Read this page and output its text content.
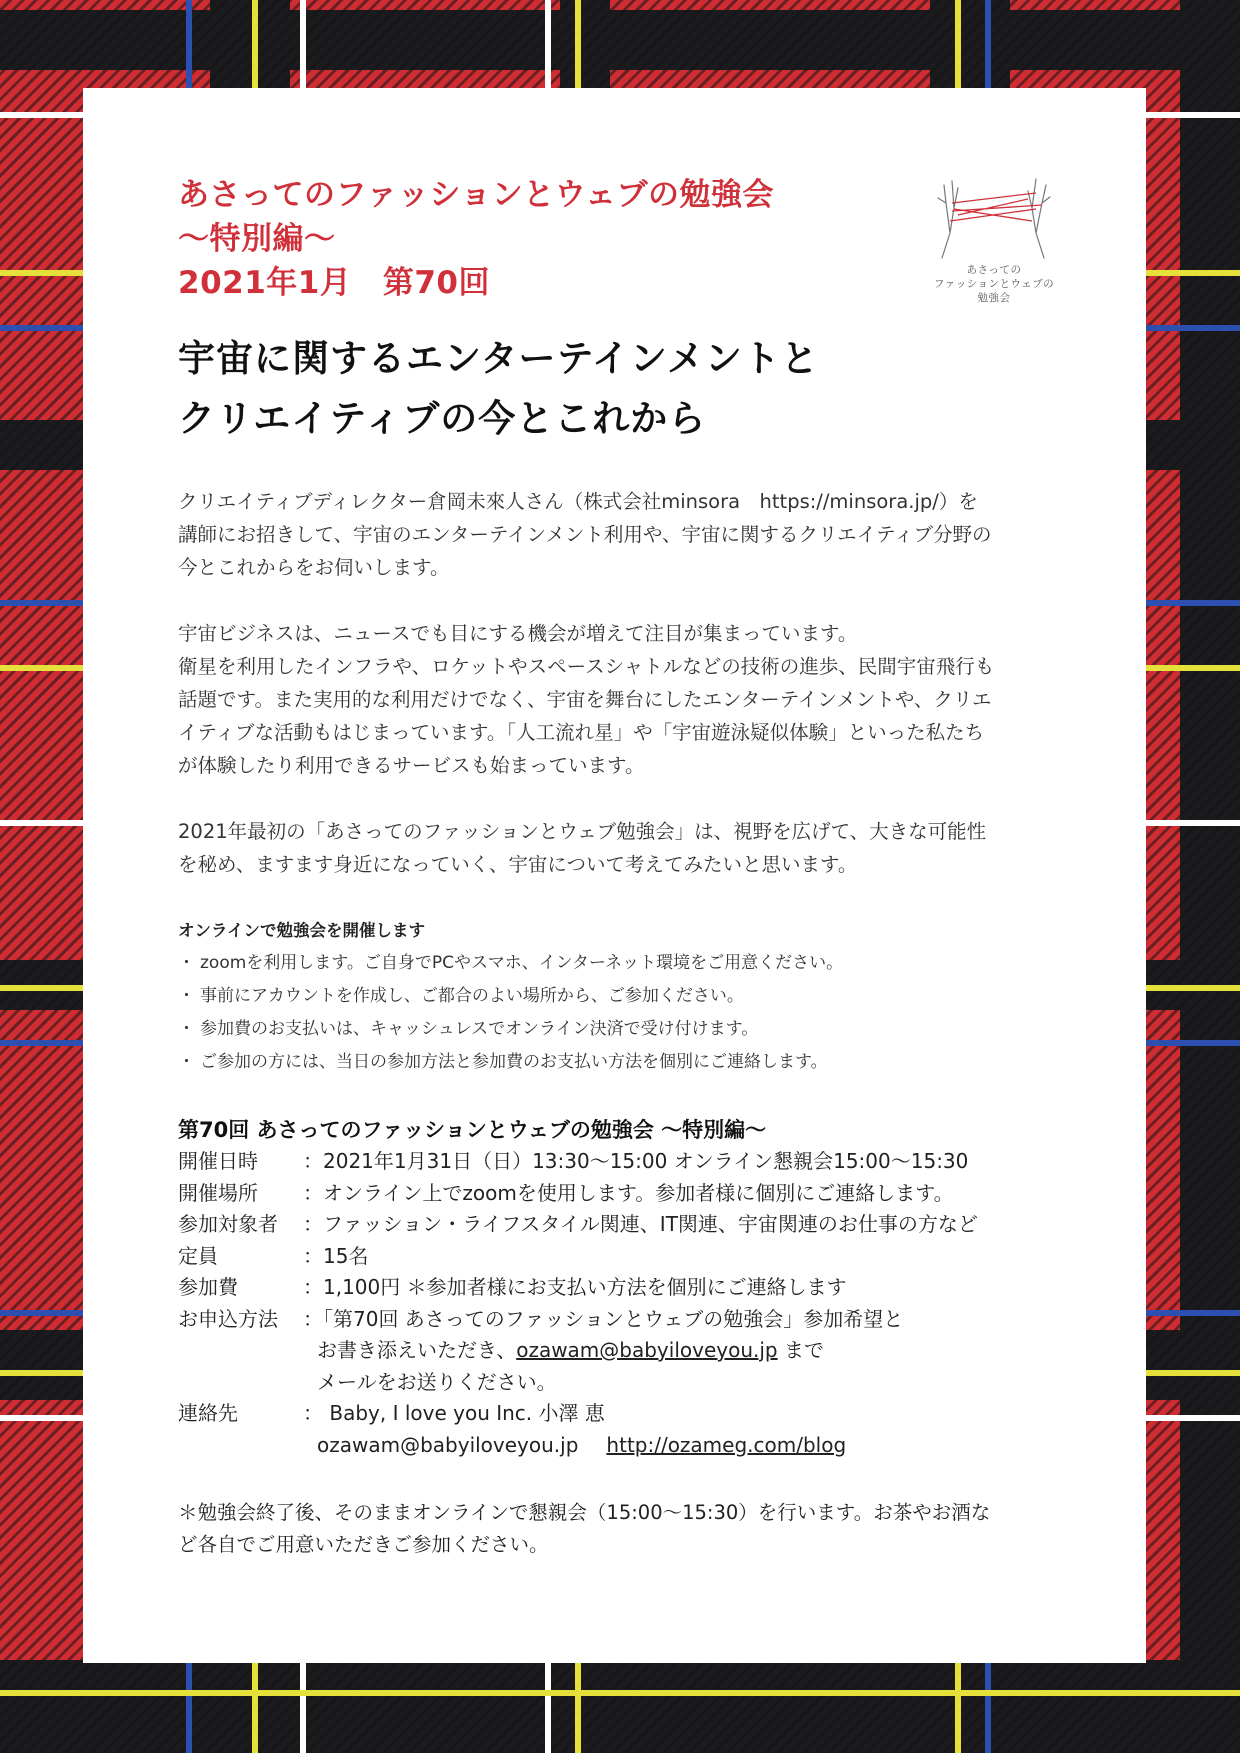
あさっての
ファッションとウェブの
勉強会
あさってのファッションとウェブの勉強会
〜特別編〜
2021年1月　第70回
宇宙に関するエンターテインメントと
クリエイティブの今とこれから

クリエイティブディレクター倉岡未來人さん（株式会社minsora　https://minsora.jp/）を

講師にお招きして、宇宙のエンターテインメント利用や、宇宙に関するクリエイティブ分野の

今とこれからをお伺いします。

宇宙ビジネスは、ニュースでも目にする機会が増えて注目が集まっています。

衛星を利用したインフラや、ロケットやスペースシャトルなどの技術の進歩、民間宇宙飛行も

話題です。また実用的な利用だけでなく、宇宙を舞台にしたエンターテインメントや、クリエ

イティブな活動もはじまっています。「人工流れ星」や「宇宙遊泳疑似体験」といった私たち

が体験したり利用できるサービスも始まっています。

2021年最初の「あさってのファッションとウェブ勉強会」は、視野を広げて、大きな可能性

を秘め、ますます身近になっていく、宇宙について考えてみたいと思います。

オンラインで勉強会を開催します
・ zoomを利用します。ご自身でPCやスマホ、インターネット環境をご用意ください。
・ 事前にアカウントを作成し、ご都合のよい場所から、ご参加ください。
・ 参加費のお支払いは、キャッシュレスでオンライン決済で受け付けます。
・ ご参加の方には、当日の参加方法と参加費のお支払い方法を個別にご連絡します。
第70回 あさってのファッションとウェブの勉強会 〜特別編〜
開催日時	：2021年1月31日（日）13:30〜15:00 オンライン懇親会15:00〜15:30
開催場所	：オンライン上でzoomを使用します。参加者様に個別にご連絡します。
参加対象者	：ファッション・ライフスタイル関連、IT関連、宇宙関連のお仕事の方など
定員	：15名
参加費	：1,100円 ＊参加者様にお支払い方法を個別にご連絡します
お申込方法	：「第70回 あさってのファッションとウェブの勉強会」参加希望と
お書き添えいただき、ozawam@babyiloveyou.jp まで
メールをお送りください。
連絡先	： Baby, I love you Inc. 小澤 恵
ozawam@babyiloveyou.jp http://ozameg.com/blog
＊勉強会終了後、そのままオンラインで懇親会（15:00〜15:30）を行います。お茶やお酒な
ど各自でご用意いただきご参加ください。
